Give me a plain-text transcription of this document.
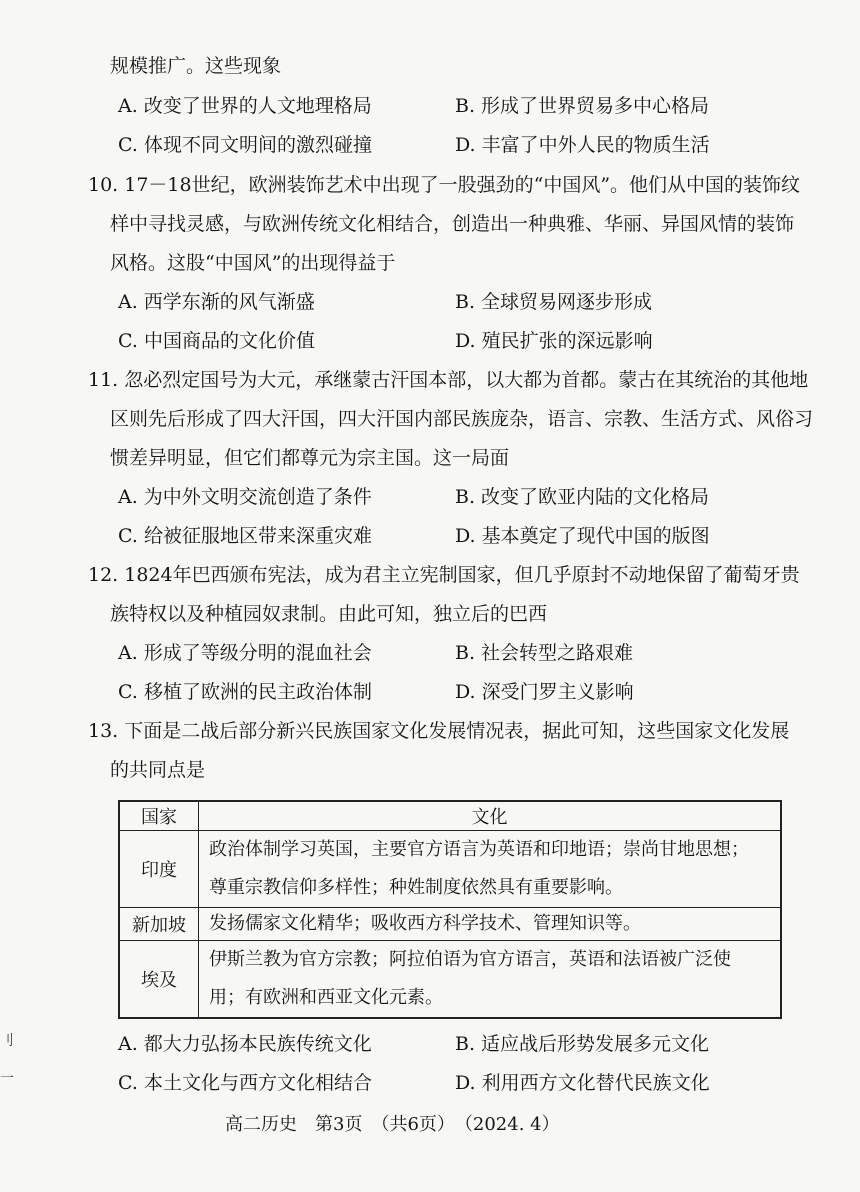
规模推广。这些现象
A. 改变了世界的人文地理格局	B. 形成了世界贸易多中心格局
C. 体现不同文明间的激烈碰撞	D. 丰富了中外人民的物质生活
10. 17－18世纪，欧洲装饰艺术中出现了一股强劲的“中国风”。他们从中国的装饰纹
样中寻找灵感，与欧洲传统文化相结合，创造出一种典雅、华丽、异国风情的装饰
风格。这股“中国风”的出现得益于
A. 西学东渐的风气渐盛	B. 全球贸易网逐步形成
C. 中国商品的文化价值	D. 殖民扩张的深远影响
11. 忽必烈定国号为大元，承继蒙古汗国本部，以大都为首都。蒙古在其统治的其他地
区则先后形成了四大汗国，四大汗国内部民族庞杂，语言、宗教、生活方式、风俗习
惯差异明显，但它们都尊元为宗主国。这一局面
A. 为中外文明交流创造了条件	B. 改变了欧亚内陆的文化格局
C. 给被征服地区带来深重灾难	D. 基本奠定了现代中国的版图
12. 1824年巴西颁布宪法，成为君主立宪制国家，但几乎原封不动地保留了葡萄牙贵
族特权以及种植园奴隶制。由此可知，独立后的巴西
A. 形成了等级分明的混血社会	B. 社会转型之路艰难
C. 移植了欧洲的民主政治体制	D. 深受门罗主义影响
13. 下面是二战后部分新兴民族国家文化发展情况表，据此可知，这些国家文化发展
的共同点是
国家	文化
印度	政治体制学习英国，主要官方语言为英语和印地语；崇尚甘地思想；
尊重宗教信仰多样性；种姓制度依然具有重要影响。

新加坡	发扬儒家文化精华；吸收西方科学技术、管理知识等。

埃及	伊斯兰教为官方宗教；阿拉伯语为官方语言，英语和法语被广泛使
用；有欧洲和西亚文化元素。
A. 都大力弘扬本民族传统文化	B. 适应战后形势发展多元文化
C. 本土文化与西方文化相结合	D. 利用西方文化替代民族文化
高二历史　第3页　（共6页）　（2024. 4）
刂
一
